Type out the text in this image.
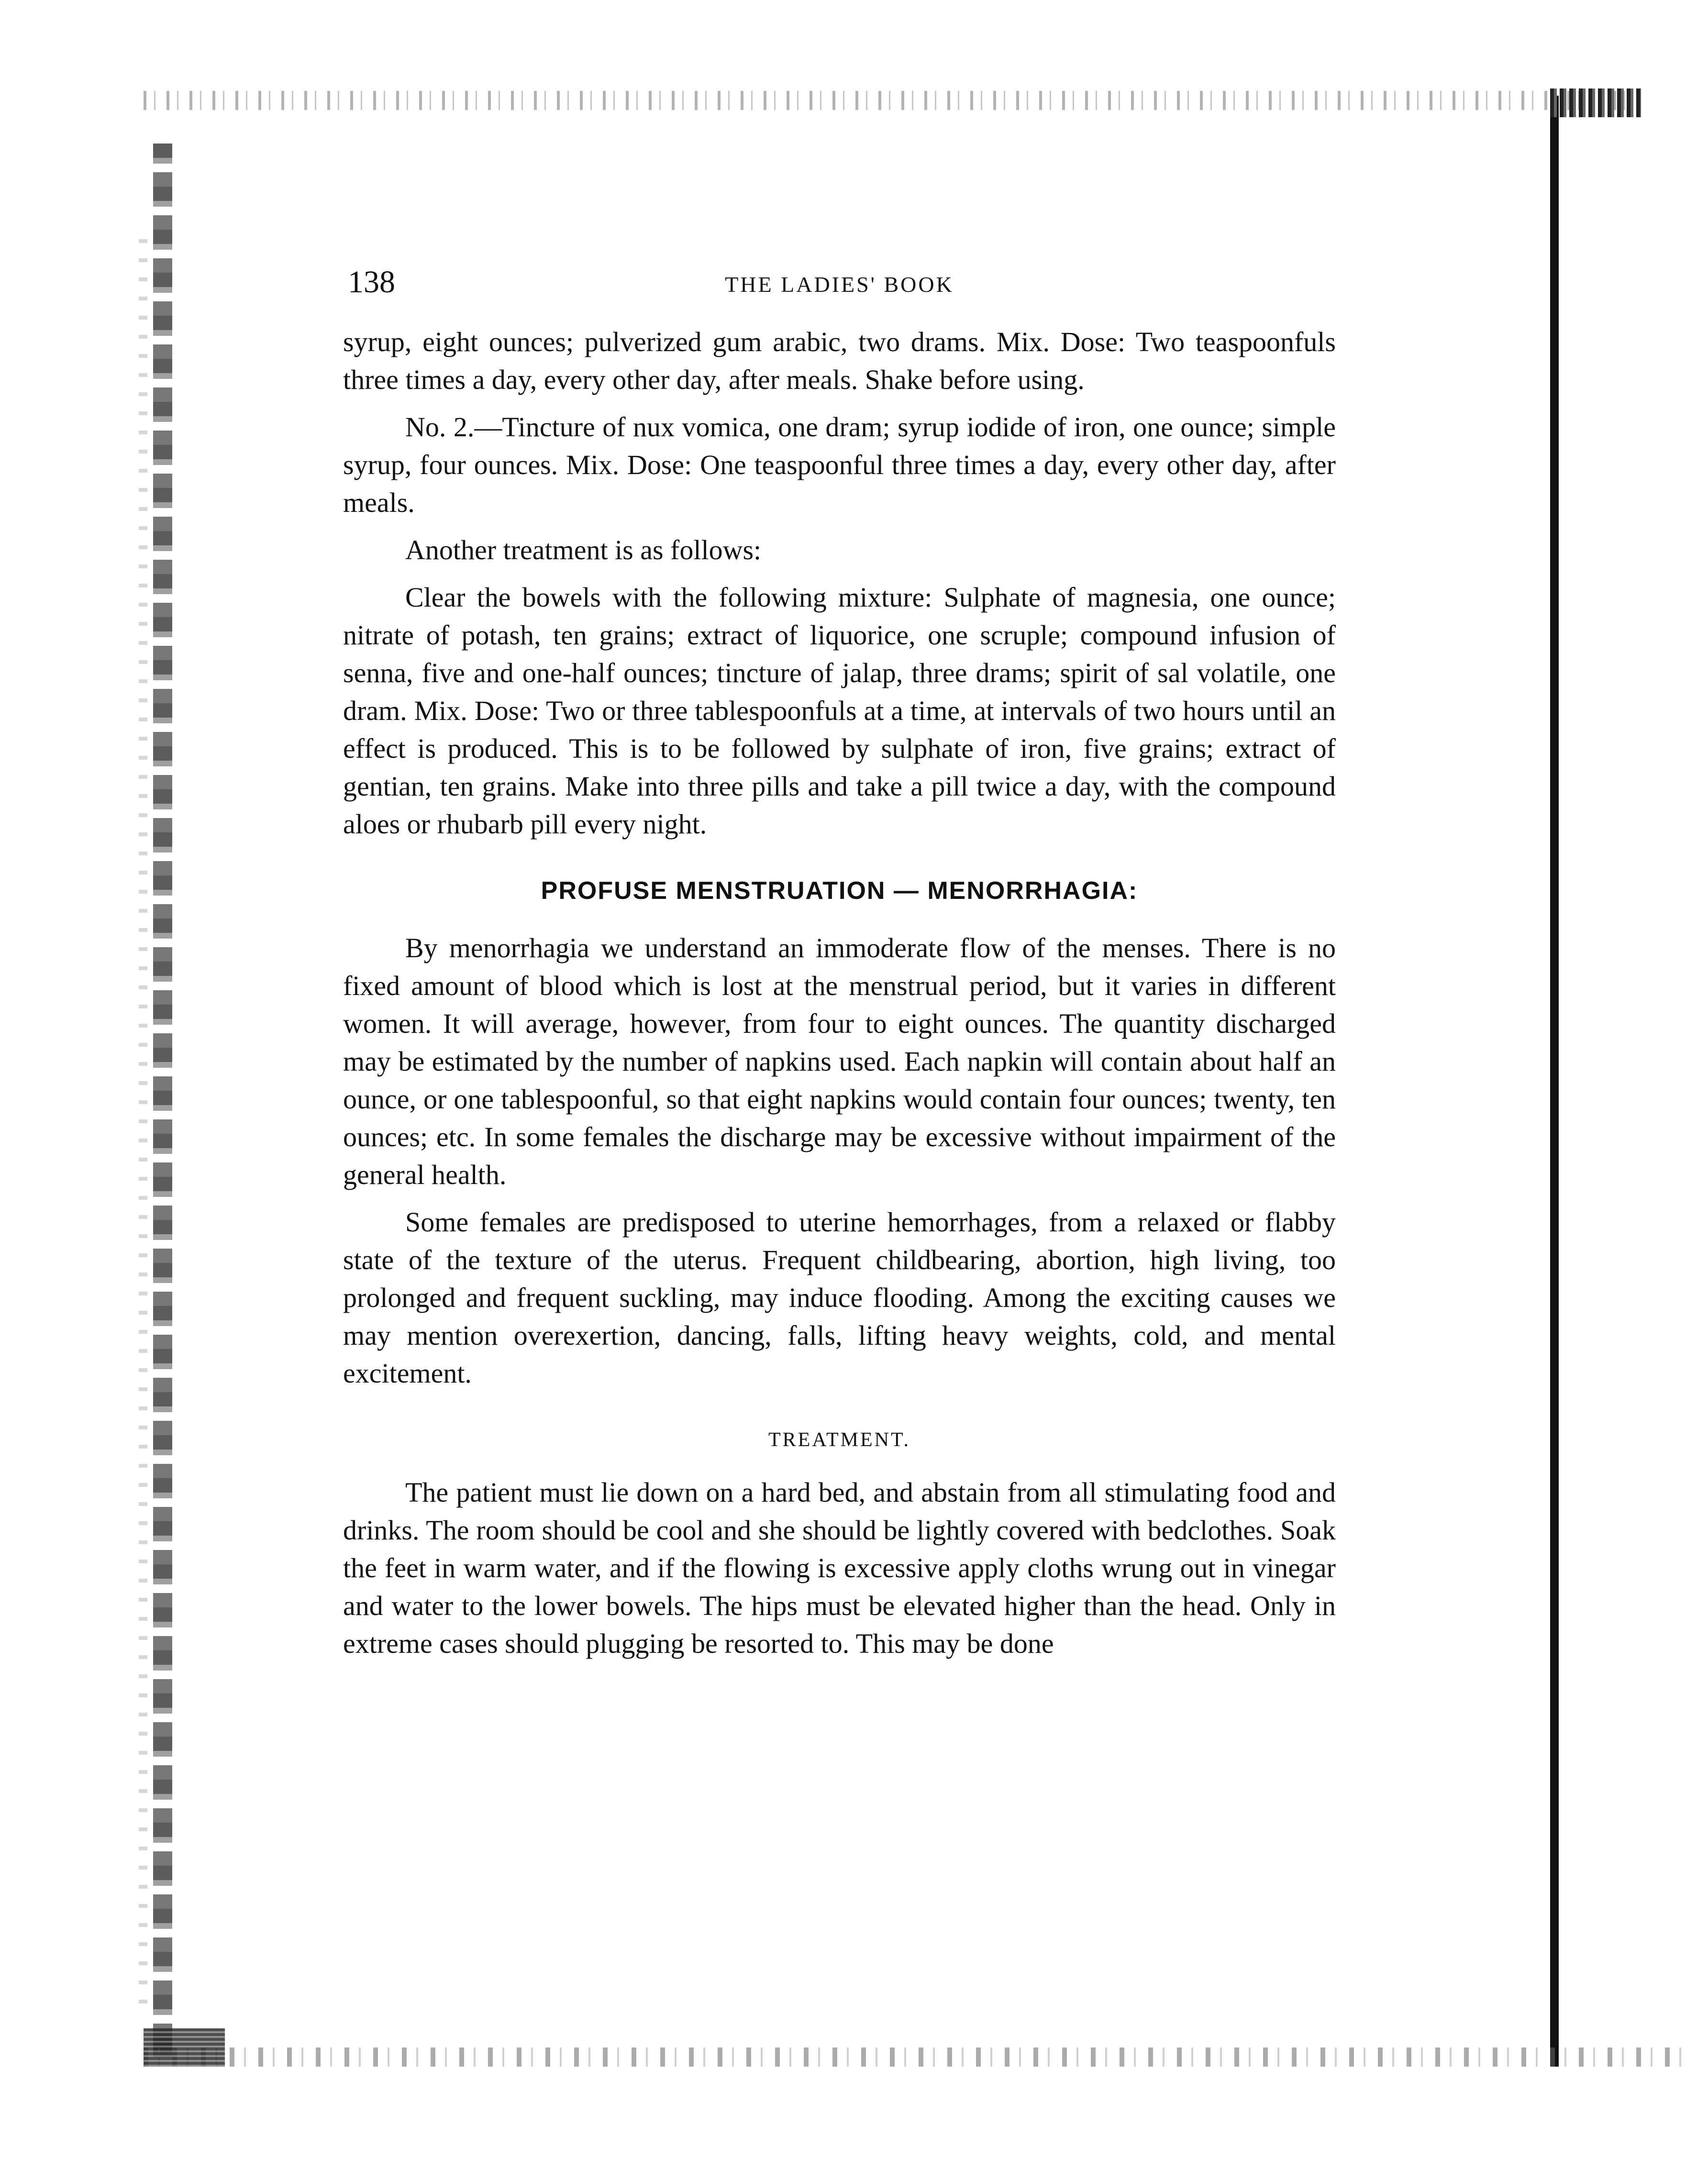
138	THE LADIES' BOOK

syrup, eight ounces; pulverized gum arabic, two drams. Mix. Dose: Two teaspoonfuls three times a day, every other day, after meals. Shake before using.

No. 2.—Tincture of nux vomica, one dram; syrup iodide of iron, one ounce; simple syrup, four ounces. Mix. Dose: One teaspoonful three times a day, every other day, after meals.

Another treatment is as follows:

Clear the bowels with the following mixture: Sulphate of magnesia, one ounce; nitrate of potash, ten grains; extract of liquorice, one scruple; compound infusion of senna, five and one-half ounces; tincture of jalap, three drams; spirit of sal volatile, one dram. Mix. Dose: Two or three tablespoonfuls at a time, at intervals of two hours until an effect is produced. This is to be followed by sulphate of iron, five grains; extract of gentian, ten grains. Make into three pills and take a pill twice a day, with the compound aloes or rhubarb pill every night.

PROFUSE MENSTRUATION — MENORRHAGIA:

By menorrhagia we understand an immoderate flow of the menses. There is no fixed amount of blood which is lost at the menstrual period, but it varies in different women. It will average, however, from four to eight ounces. The quantity discharged may be estimated by the number of napkins used. Each napkin will contain about half an ounce, or one tablespoonful, so that eight napkins would contain four ounces; twenty, ten ounces; etc. In some females the discharge may be excessive without impairment of the general health.

Some females are predisposed to uterine hemorrhages, from a relaxed or flabby state of the texture of the uterus. Frequent childbearing, abortion, high living, too prolonged and frequent suckling, may induce flooding. Among the exciting causes we may mention overexertion, dancing, falls, lifting heavy weights, cold, and mental excitement.

TREATMENT.

The patient must lie down on a hard bed, and abstain from all stimulating food and drinks. The room should be cool and she should be lightly covered with bedclothes. Soak the feet in warm water, and if the flowing is excessive apply cloths wrung out in vinegar and water to the lower bowels. The hips must be elevated higher than the head. Only in extreme cases should plugging be resorted to. This may be done
